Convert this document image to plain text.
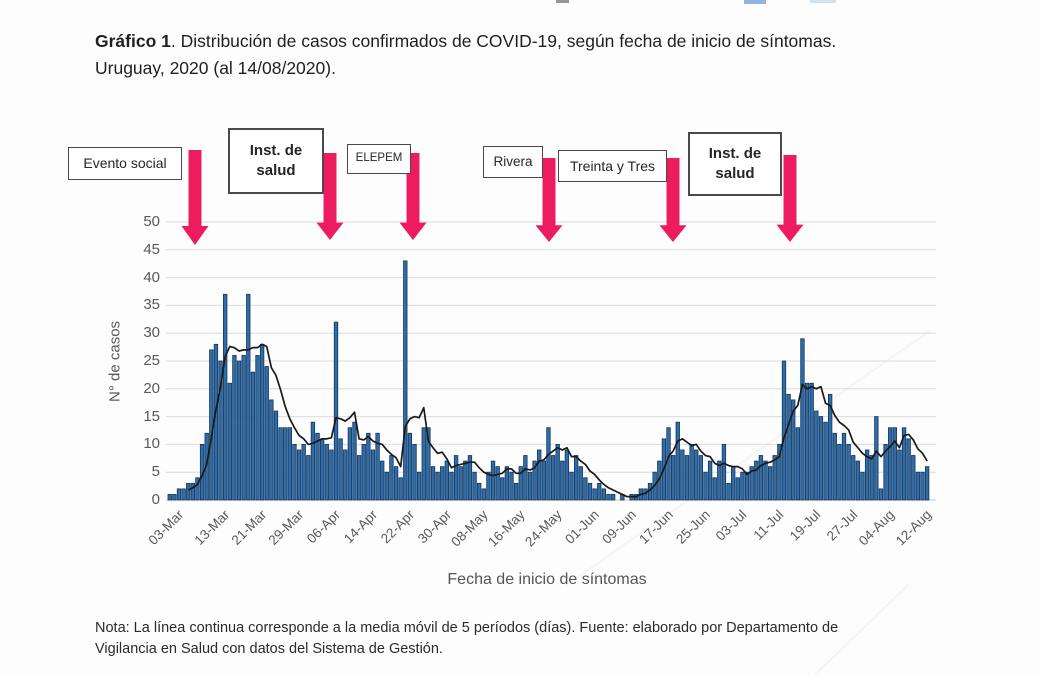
Gráfico 1. Distribución de casos confirmados de COVID-19, según fecha de inicio de síntomas. Uruguay, 2020 (al 14/08/2020).
N° de casos
Fecha de inicio de síntomas
0
5
10
15
20
25
30
35
40
45
50
03-Mar 13-Mar
21-Mar
29-Mar
06-Apr
14-Apr
22-Apr
30-Apr
08-May
16-May
24-May
01-Jun
09-Jun
17-Jun
25-Jun 03-Jul 11-Jul 19-Jul 27-Jul
04-Aug
12-Aug
Nota: La línea continua corresponde a la media móvil de 5 períodos (días). Fuente: elaborado por Departamento de Vigilancia en Salud con datos del Sistema de Gestión.
Evento social
Inst. de
salud
ELEPEM	Rivera	Treinta y Tres
Inst. de
salud
